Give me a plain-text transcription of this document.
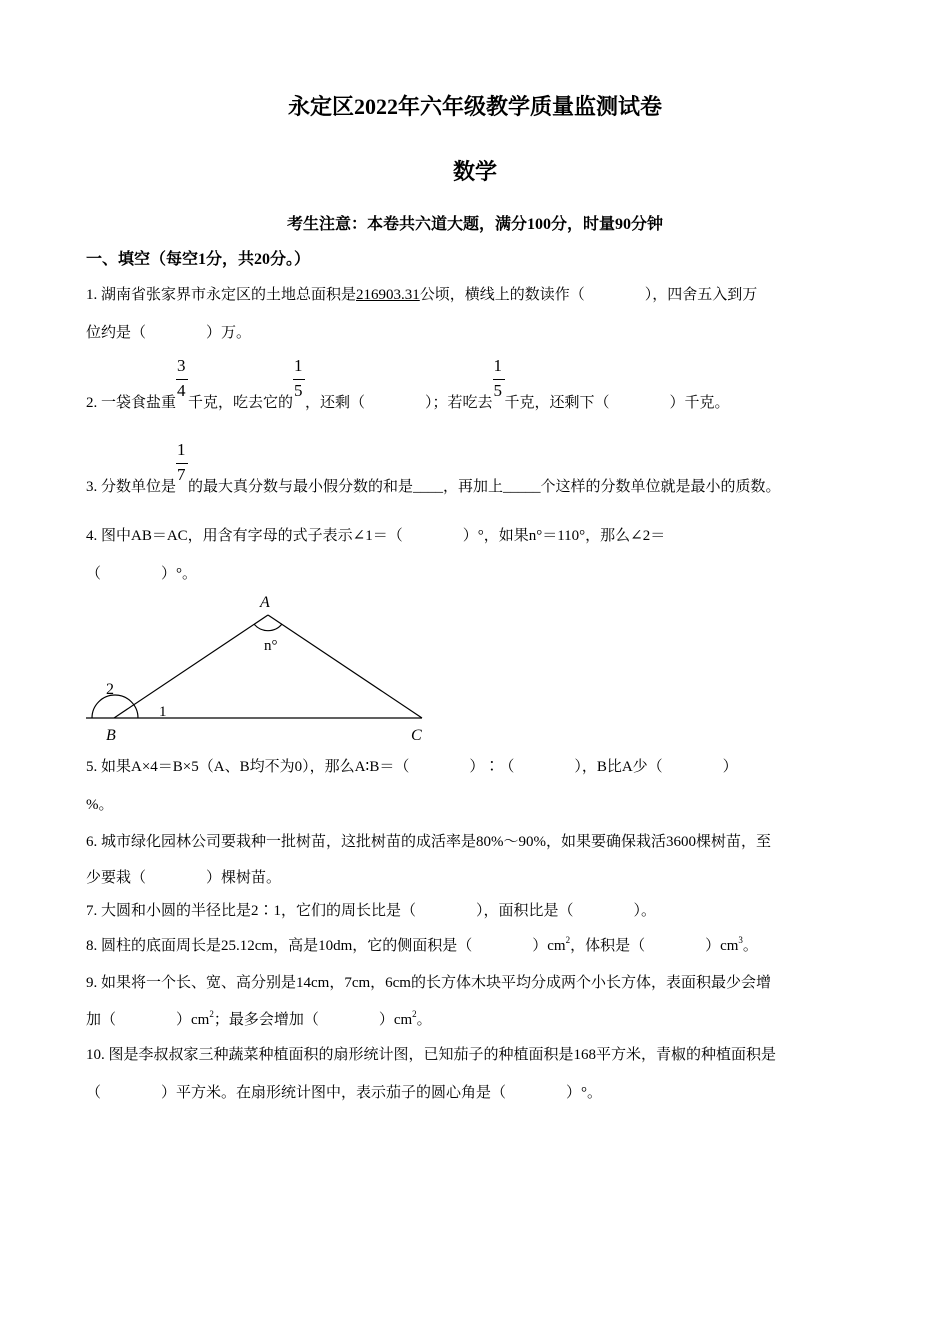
永定区2022年六年级教学质量监测试卷
数学
考生注意：本卷共六道大题，满分100分，时量90分钟
一、填空（每空1分，共20分。）
1. 湖南省张家界市永定区的土地总面积是216903.31公顷，横线上的数读作（　　　　），四舍五入到万
位约是（　　　　）万。
2. 一袋食盐重 $\frac{3}{4}$ 千克，吃去它的 $\frac{1}{5}$ ，还剩（　　　　）；若吃去 $\frac{1}{5}$ 千克，还剩下（　　　　）千克。
3. 分数单位是 $\frac{1}{7}$ 的最大真分数与最小假分数的和是____，再加上_____个这样的分数单位就是最小的质数。
4. 图中AB＝AC，用含有字母的式子表示∠1＝（　　　　）°，如果n°＝110°，那么∠2＝
（　　　　）°。
A
B	C
n°
1
2
5. 如果A×4＝B×5（A、B均不为0），那么A∶B＝（　　　　）∶（　　　　），B比A少（　　　　）
%。
6. 城市绿化园林公司要栽种一批树苗，这批树苗的成活率是80%～90%，如果要确保栽活3600棵树苗，至
少要栽（　　　　）棵树苗。
7. 大圆和小圆的半径比是2∶1，它们的周长比是（　　　　），面积比是（　　　　）。
8. 圆柱的底面周长是25.12cm，高是10dm，它的侧面积是（　　　　）$cm^2$，体积是（　　　　）$cm^3$。
9. 如果将一个长、宽、高分别是14cm，7cm，6cm的长方体木块平均分成两个小长方体，表面积最少会增
加（　　　　）$cm^2$；最多会增加（　　　　）$cm^2$。
10. 图是李叔叔家三种蔬菜种植面积的扇形统计图，已知茄子的种植面积是168平方米，青椒的种植面积是
（　　　　）平方米。在扇形统计图中，表示茄子的圆心角是（　　　　）°。
